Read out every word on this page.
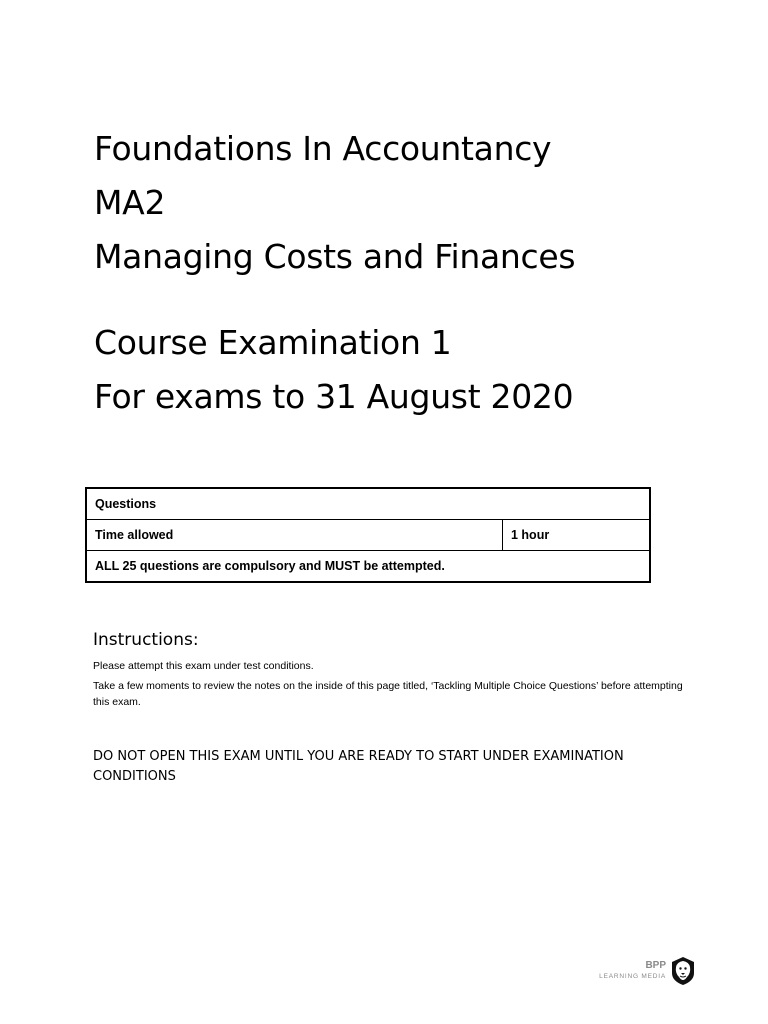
Foundations In Accountancy
MA2
Managing Costs and Finances
Course Examination 1
For exams to 31 August 2020
Questions
Time allowed	1 hour
ALL 25 questions are compulsory and MUST be attempted.
Instructions:

Please attempt this exam under test conditions.

Take a few moments to review the notes on the inside of this page titled, ‘Tackling Multiple Choice Questions’ before attempting this exam.

DO NOT OPEN THIS EXAM UNTIL YOU ARE READY TO START UNDER EXAMINATION CONDITIONS
BPP
LEARNING MEDIA
